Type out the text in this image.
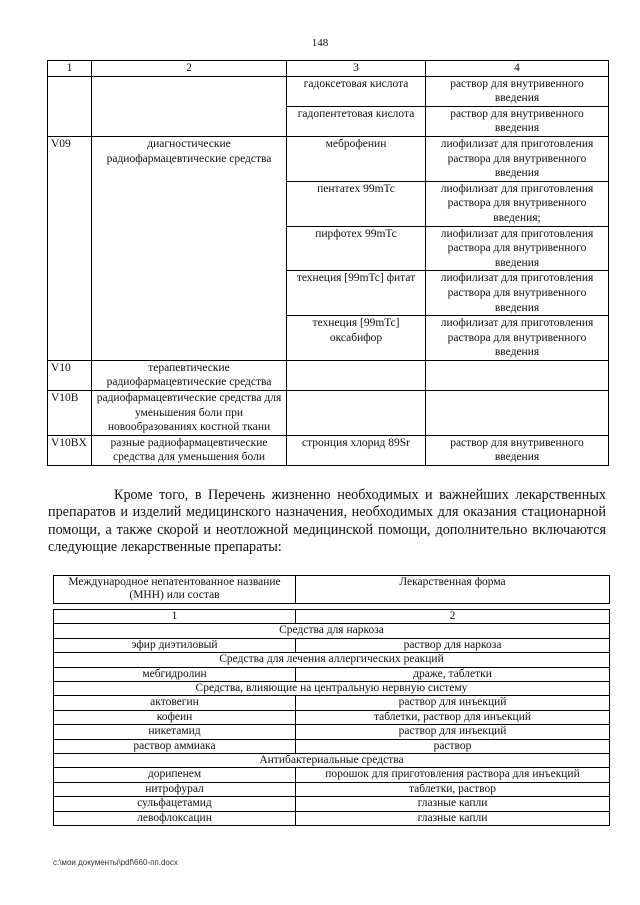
148
1	2	3	4
		гадоксетовая кислота	раствор для внутривенного введения
		гадопентетовая кислота	раствор для внутривенного введения
V09	диагностические радиофармацевтические средства	меброфенин	лиофилизат для приготовления раствора для внутривенного введения
		пентатех 99mTc	лиофилизат для приготовления раствора для внутривенного введения;
		пирфотех 99mTc	лиофилизат для приготовления раствора для внутривенного введения
		технеция [99mTc] фитат	лиофилизат для приготовления раствора для внутривенного введения
		технеция [99mTc] оксабифор	лиофилизат для приготовления раствора для внутривенного введения
V10	терапевтические радиофармацевтические средства		
V10B	радиофармацевтические средства для уменьшения боли при новообразованиях костной ткани		
V10BX	разные радиофармацевтические средства для уменьшения боли	стронция хлорид 89Sr	раствор для внутривенного введения

Кроме того, в Перечень жизненно необходимых и важнейших лекарственных препаратов и изделий медицинского назначения, необходимых для оказания стационарной помощи, а также скорой и неотложной медицинской помощи, дополнительно включаются следующие лекарственные препараты:

Международное непатентованное название (МНН) или состав	Лекарственная форма
1	2
Средства для наркоза	
эфир диэтиловый	раствор для наркоза
Средства для лечения аллергических реакций	
мебгидролин	драже, таблетки
Средства, влияющие на центральную нервную систему	
актовегин	раствор для инъекций
кофеин	таблетки, раствор для инъекций
никетамид	раствор для инъекций
раствор аммиака	раствор
Антибактериальные средства	
дорипенем	порошок для приготовления раствора для инъекций
нитрофурал	таблетки, раствор
сульфацетамид	глазные капли
левофлоксацин	глазные капли
c:\мои документы\pdf\660-пп.docx
